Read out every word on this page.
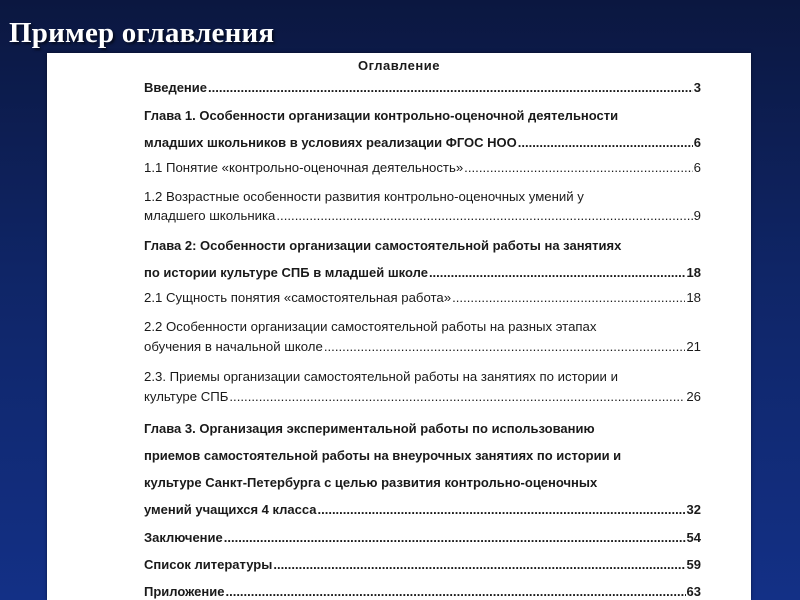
Пример оглавления
Оглавление
Введение .....	3
Глава 1. Особенности организации контрольно-оценочной деятельности
младших школьников в условиях реализации ФГОС НОО .....	6
1.1 Понятие «контрольно-оценочная деятельность» .....	6
1.2 Возрастные особенности развития контрольно-оценочных умений у
младшего школьника .....	9
Глава 2: Особенности организации самостоятельной работы на занятиях
по истории культуре СПБ в младшей школе .....	18
2.1 Сущность понятия «самостоятельная работа» .....	18
2.2 Особенности организации самостоятельной работы на разных этапах
обучения в начальной школе .....	21
2.3. Приемы организации самостоятельной работы на занятиях по истории и
культуре СПБ .....	26
Глава 3. Организация экспериментальной работы по использованию
приемов самостоятельной работы на внеурочных занятиях по истории и
культуре Санкт-Петербурга с целью развития контрольно-оценочных
умений учащихся 4 класса .....	32
Заключение .....	54
Список литературы .....	59
Приложение .....	63
